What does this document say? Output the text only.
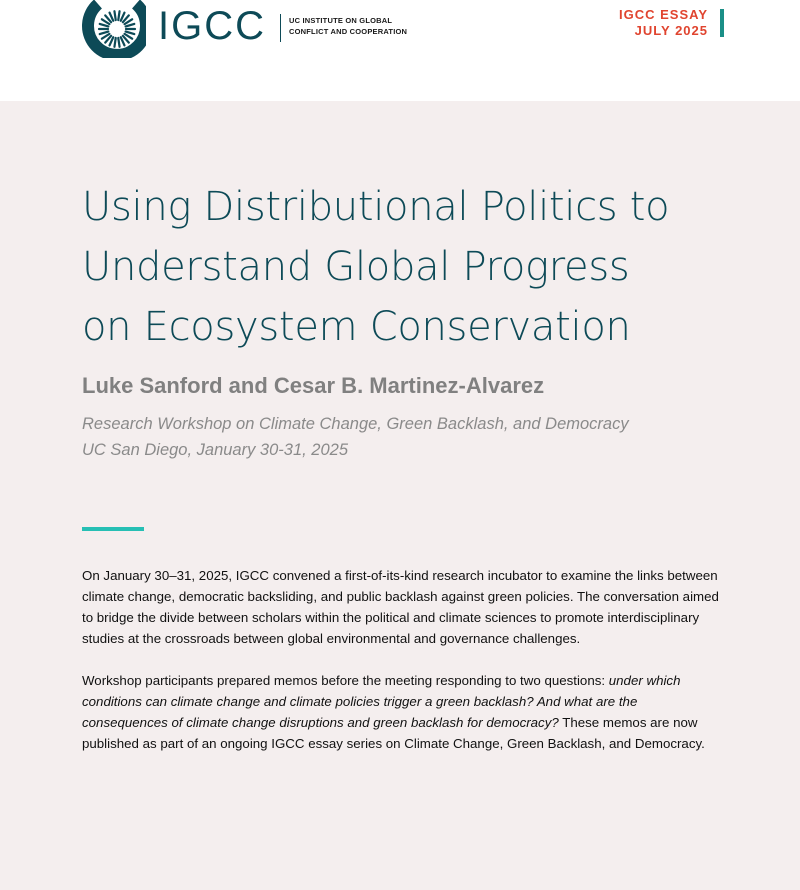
IGCC	UC INSTITUTE ON GLOBAL
CONFLICT AND COOPERATION
IGCC ESSAY
JULY 2025
Using Distributional Politics to
Understand Global Progress
on Ecosystem Conservation
Luke Sanford and Cesar B. Martinez-Alvarez
Research Workshop on Climate Change, Green Backlash, and Democracy
UC San Diego, January 30-31, 2025

On January 30–31, 2025, IGCC convened a first-of-its-kind research incubator to examine the links between climate change, democratic backsliding, and public backlash against green policies. The conversation aimed to bridge the divide between scholars within the political and climate sciences to promote interdisciplinary studies at the crossroads between global environmental and governance challenges.

Workshop participants prepared memos before the meeting responding to two questions: under which conditions can climate change and climate policies trigger a green backlash? And what are the consequences of climate change disruptions and green backlash for democracy? These memos are now published as part of an ongoing IGCC essay series on Climate Change, Green Backlash, and Democracy.
